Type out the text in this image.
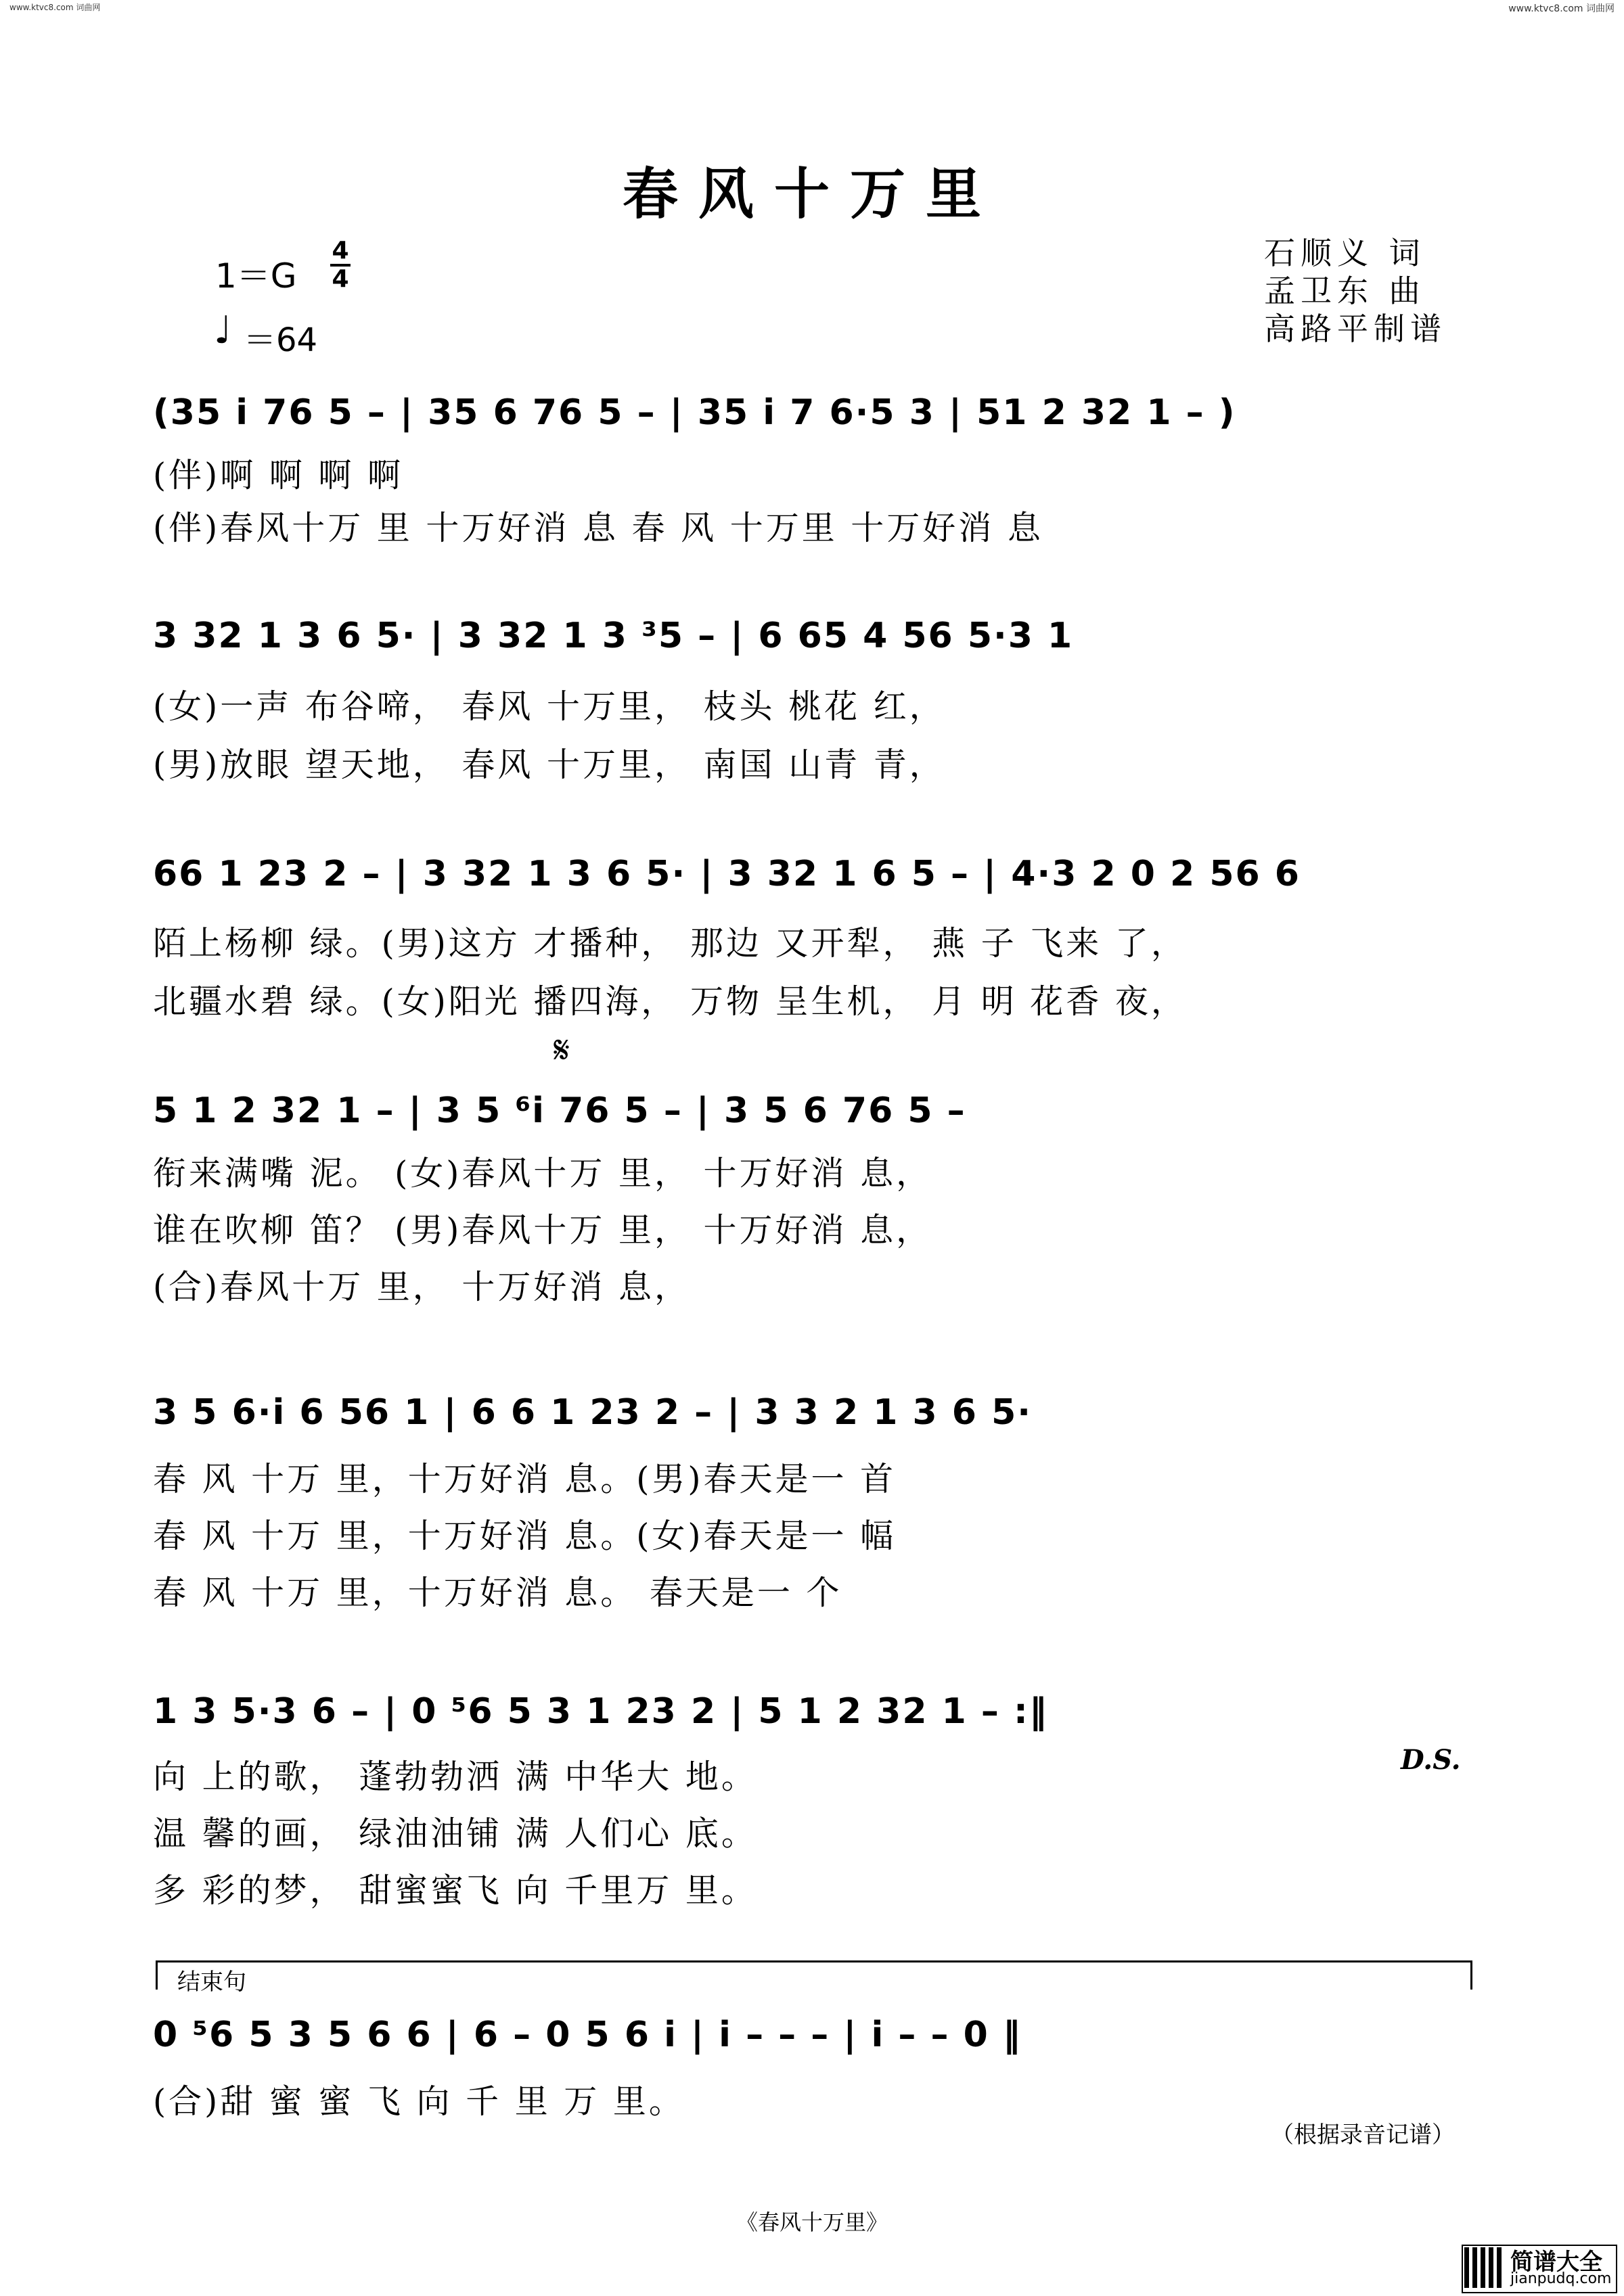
www.ktvc8.com 词曲网	www.ktvc8.com 词曲网
春风十万里
1＝G
4
4
♩ ＝64
石顺义 词
孟卫东 曲
高路平制谱
(35 i 76 5 – | 35 6 76 5 – | 35 i 7 6·5 3 | 51 2 32 1 – )
(伴)啊 啊 啊 啊
(伴)春风十万 里 十万好消 息 春 风 十万里 十万好消 息
3 32 1 3 6 5· | 3 32 1 3 ³5 – | 6 65 4 56 5·3 1
(女)一声 布谷啼， 春风 十万里， 枝头 桃花 红，
(男)放眼 望天地， 春风 十万里， 南国 山青 青，
66 1 23 2 – | 3 32 1 3 6 5· | 3 32 1 6 5 – | 4·3 2 0 2 56 6
陌上杨柳 绿。(男)这方 才播种， 那边 又开犁， 燕 子 飞来 了，
北疆水碧 绿。(女)阳光 播四海， 万物 呈生机， 月 明 花香 夜，
𝄋
5 1 2 32 1 – | 3 5 ⁶i 76 5 – | 3 5 6 76 5 –
衔来满嘴 泥。 (女)春风十万 里， 十万好消 息，
谁在吹柳 笛？ (男)春风十万 里， 十万好消 息，
(合)春风十万 里， 十万好消 息，
3 5 6·i 6 56 1 | 6 6 1 23 2 – | 3 3 2 1 3 6 5·
春 风 十万 里，十万好消 息。(男)春天是一 首
春 风 十万 里，十万好消 息。(女)春天是一 幅
春 风 十万 里，十万好消 息。 春天是一 个
1 3 5·3 6 – | 0 ⁵6 5 3 1 23 2 | 5 1 2 32 1 – :‖
D.S.
向 上的歌， 蓬勃勃洒 满 中华大 地。
温 馨的画， 绿油油铺 满 人们心 底。
多 彩的梦， 甜蜜蜜飞 向 千里万 里。
结束句
0 ⁵6 5 3 5 6 6 | 6 – 0 5 6 i | i – – – | i – – 0 ‖
(合)甜 蜜 蜜 飞 向 千 里 万 里。
（根据录音记谱）
《春风十万里》
简谱大全
jianpudq.com
